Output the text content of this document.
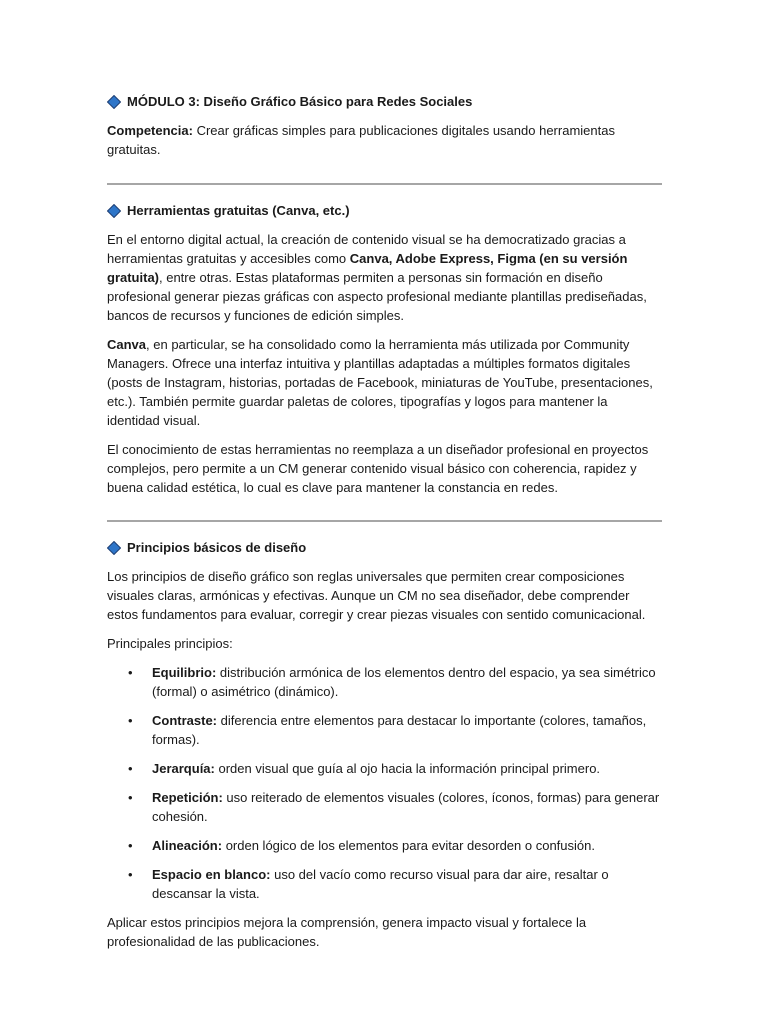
MÓDULO 3: Diseño Gráfico Básico para Redes Sociales

Competencia: Crear gráficas simples para publicaciones digitales usando herramientas gratuitas.

Herramientas gratuitas (Canva, etc.)

En el entorno digital actual, la creación de contenido visual se ha democratizado gracias a herramientas gratuitas y accesibles como Canva, Adobe Express, Figma (en su versión gratuita), entre otras. Estas plataformas permiten a personas sin formación en diseño profesional generar piezas gráficas con aspecto profesional mediante plantillas prediseñadas, bancos de recursos y funciones de edición simples.

Canva, en particular, se ha consolidado como la herramienta más utilizada por Community Managers. Ofrece una interfaz intuitiva y plantillas adaptadas a múltiples formatos digitales (posts de Instagram, historias, portadas de Facebook, miniaturas de YouTube, presentaciones, etc.). También permite guardar paletas de colores, tipografías y logos para mantener la identidad visual.

El conocimiento de estas herramientas no reemplaza a un diseñador profesional en proyectos complejos, pero permite a un CM generar contenido visual básico con coherencia, rapidez y buena calidad estética, lo cual es clave para mantener la constancia en redes.

Principios básicos de diseño

Los principios de diseño gráfico son reglas universales que permiten crear composiciones visuales claras, armónicas y efectivas. Aunque un CM no sea diseñador, debe comprender estos fundamentos para evaluar, corregir y crear piezas visuales con sentido comunicacional.

Principales principios:

• Equilibrio: distribución armónica de los elementos dentro del espacio, ya sea simétrico (formal) o asimétrico (dinámico).
• Contraste: diferencia entre elementos para destacar lo importante (colores, tamaños, formas).
• Jerarquía: orden visual que guía al ojo hacia la información principal primero.
• Repetición: uso reiterado de elementos visuales (colores, íconos, formas) para generar cohesión.
• Alineación: orden lógico de los elementos para evitar desorden o confusión.
• Espacio en blanco: uso del vacío como recurso visual para dar aire, resaltar o descansar la vista.

Aplicar estos principios mejora la comprensión, genera impacto visual y fortalece la profesionalidad de las publicaciones.
